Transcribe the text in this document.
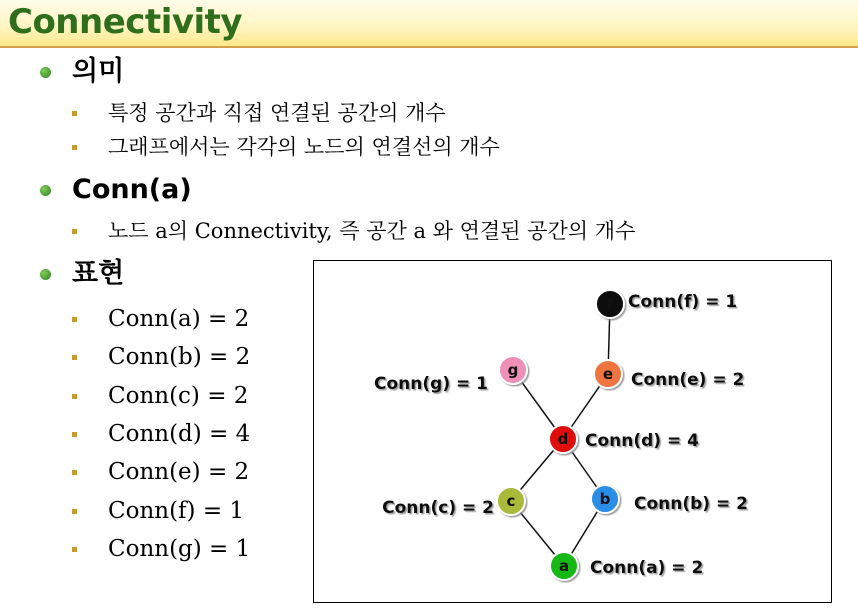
Connectivity
의미
특정 공간과 직접 연결된 공간의 개수
그래프에서는 각각의 노드의 연결선의 개수
Conn(a)
노드 a의 Connectivity, 즉 공간 a 와 연결된 공간의 개수
표현
Conn(a) = 2
Conn(b) = 2
Conn(c) = 2
Conn(d) = 4
Conn(e) = 2
Conn(f) = 1
Conn(g) = 1
a Conn(a) = 2
b Conn(b) = 2
c
Conn(c) = 2
d Conn(d) = 4
e Conn(e) = 2
f Conn(f) = 1
g
Conn(g) = 1
